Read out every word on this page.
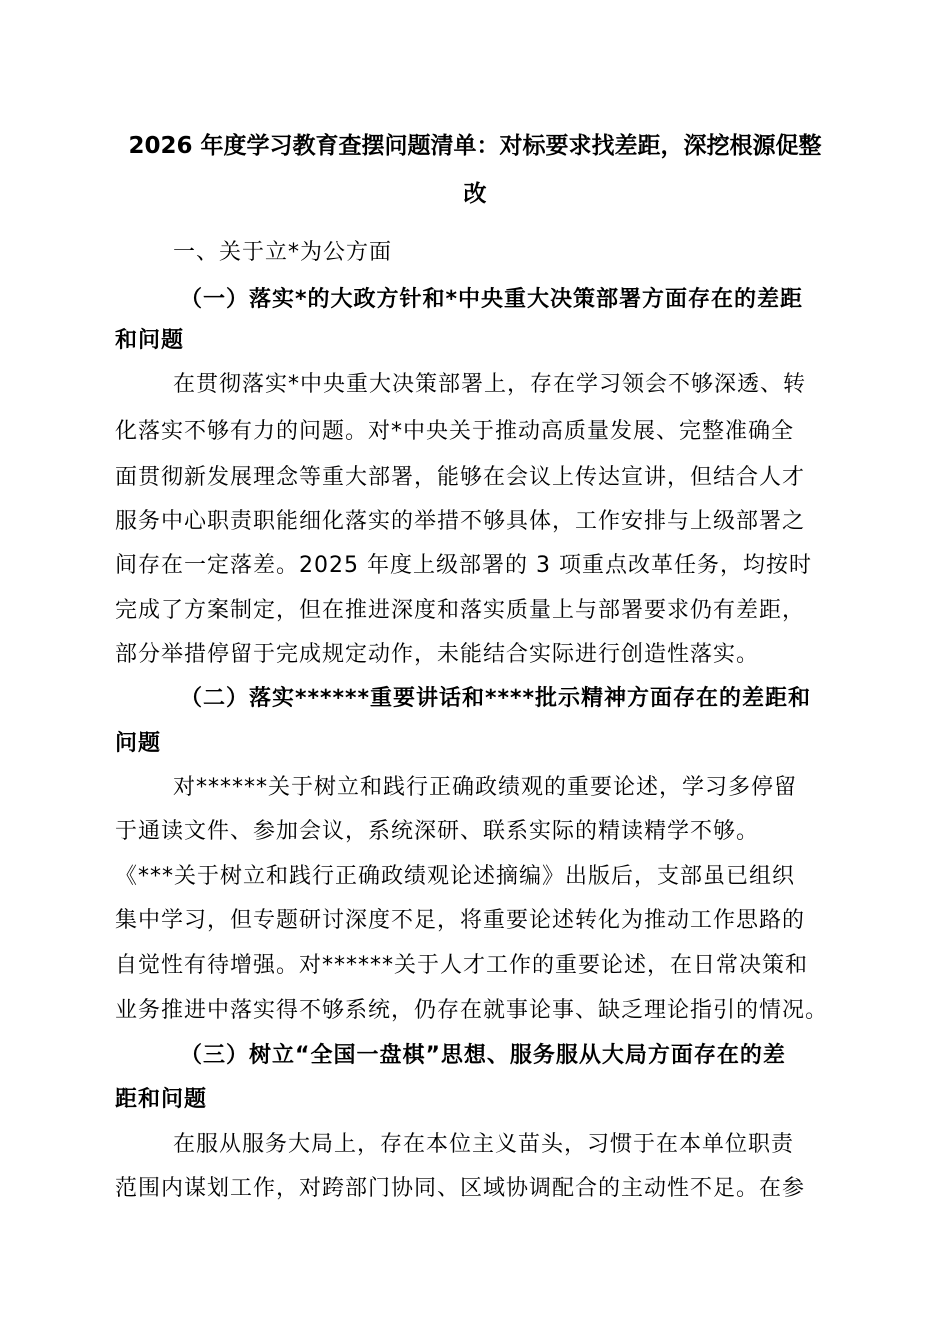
2026 年度学习教育查摆问题清单：对标要求找差距，深挖根源促整
改
一、关于立*为公方面
（一）落实*的大政方针和*中央重大决策部署方面存在的差距
和问题
在贯彻落实*中央重大决策部署上，存在学习领会不够深透、转
化落实不够有力的问题。对*中央关于推动高质量发展、完整准确全
面贯彻新发展理念等重大部署，能够在会议上传达宣讲，但结合人才
服务中心职责职能细化落实的举措不够具体，工作安排与上级部署之
间存在一定落差。2025 年度上级部署的 3 项重点改革任务，均按时
完成了方案制定，但在推进深度和落实质量上与部署要求仍有差距，
部分举措停留于完成规定动作，未能结合实际进行创造性落实。
（二）落实******重要讲话和****批示精神方面存在的差距和
问题
对******关于树立和践行正确政绩观的重要论述，学习多停留
于通读文件、参加会议，系统深研、联系实际的精读精学不够。
《***关于树立和践行正确政绩观论述摘编》出版后，支部虽已组织
集中学习，但专题研讨深度不足，将重要论述转化为推动工作思路的
自觉性有待增强。对******关于人才工作的重要论述，在日常决策和
业务推进中落实得不够系统，仍存在就事论事、缺乏理论指引的情况。
（三）树立“全国一盘棋”思想、服务服从大局方面存在的差
距和问题
在服从服务大局上，存在本位主义苗头，习惯于在本单位职责
范围内谋划工作，对跨部门协同、区域协调配合的主动性不足。在参
